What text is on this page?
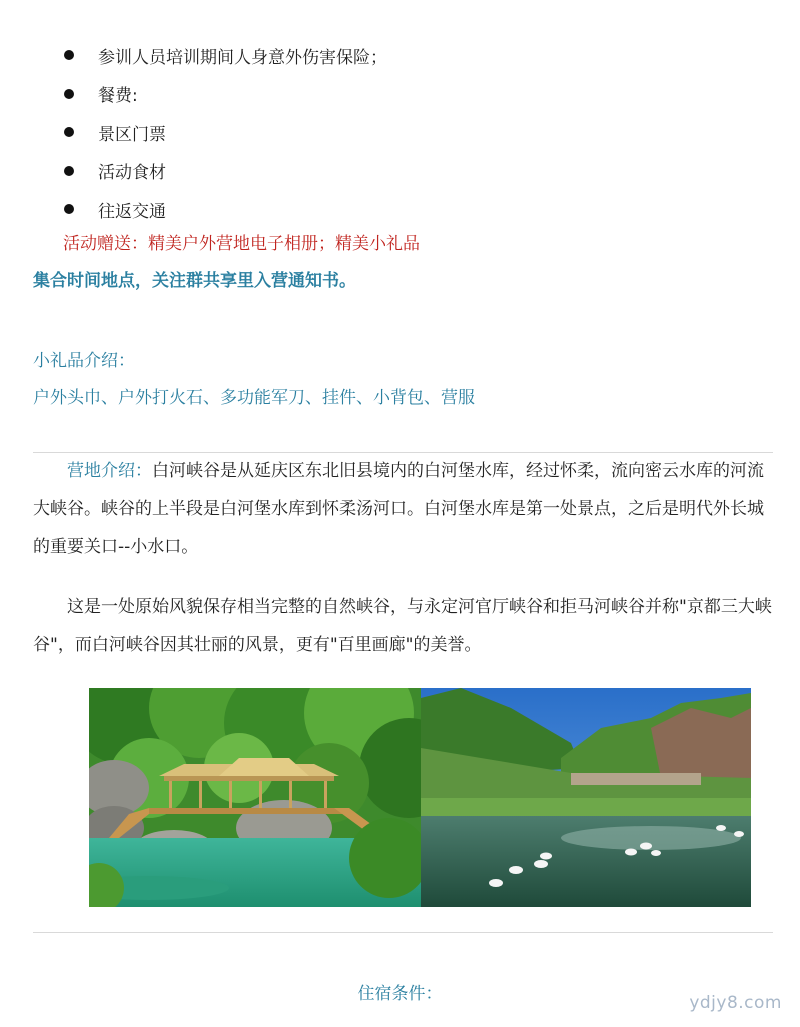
参训人员培训期间人身意外伤害保险；
餐费:
景区门票
活动食材
往返交通
活动赠送：精美户外营地电子相册；精美小礼品
集合时间地点，关注群共享里入营通知书。
小礼品介绍：
户外头巾、户外打火石、多功能军刀、挂件、小背包、营服

营地介绍：白河峡谷是从延庆区东北旧县境内的白河堡水库，经过怀柔，流向密云水库的河流大峡谷。峡谷的上半段是白河堡水库到怀柔汤河口。白河堡水库是第一处景点，之后是明代外长城的重要关口--小水口。

这是一处原始风貌保存相当完整的自然峡谷，与永定河官厅峡谷和拒马河峡谷并称"京都三大峡谷"，而白河峡谷因其壮丽的风景，更有"百里画廊"的美誉。

住宿条件：	ydjy8.com
